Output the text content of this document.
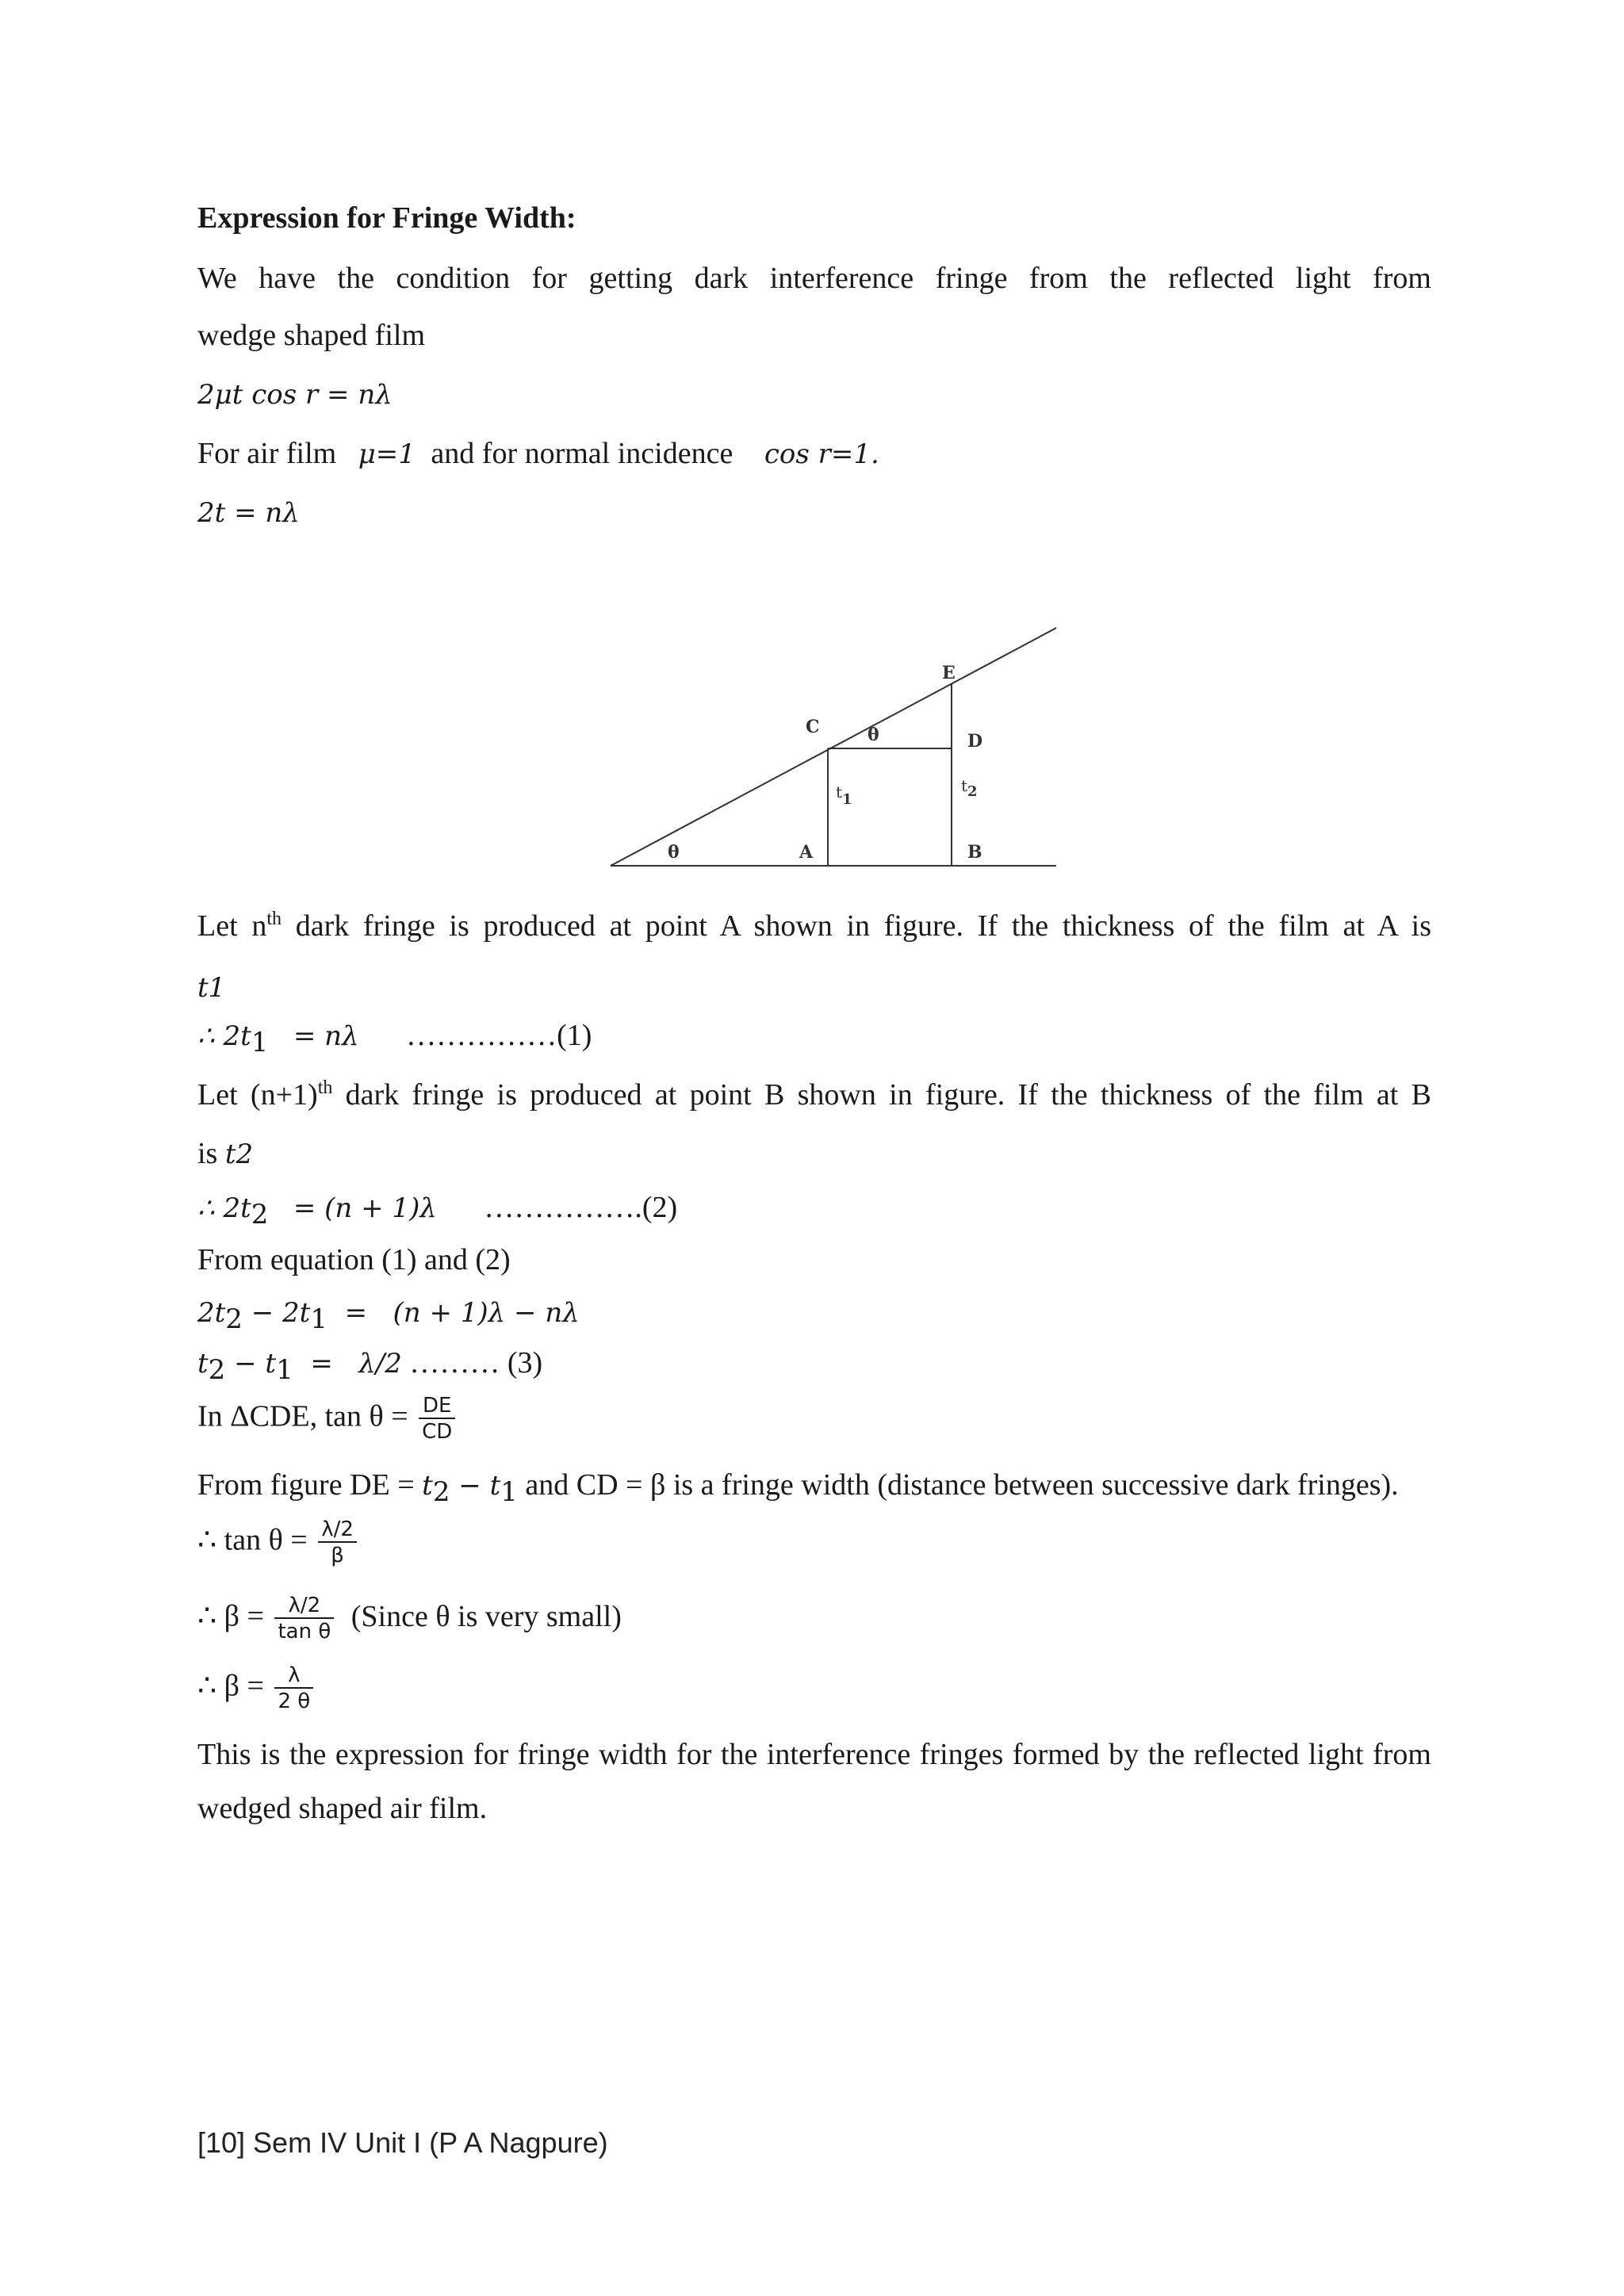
Expression for Fringe Width:
We have the condition for getting dark interference fringe from the reflected light from
wedge shaped film
2μt cos r = nλ
For air film μ=1 and for normal incidence cos r=1.
2t = nλ
E
C
D
A	B
θ
θ
t1
t2
Let $n^{th}$ dark fringe is produced at point A shown in figure. If the thickness of the film at A is
t1
∴ $2t_1 = n\lambda$ ……………(1)
Let $(n+1)^{th}$ dark fringe is produced at point B shown in figure. If the thickness of the film at B
is t2
∴ $2t_2 = (n + 1)\lambda$ …………….(2)
From equation (1) and (2)
$2t_2 - 2t_1 = (n + 1)\lambda - n\lambda$
$t_2 - t_1 = \lambda/2$ ……… (3)
In ΔCDE, $\tan \theta = \frac{DE}{CD}$
From figure DE = $t_2 - t_1$ and CD = β is a fringe width (distance between successive dark fringes).
∴ $\tan \theta = \frac{\lambda/2}{\beta}$
∴ $\beta = \frac{\lambda/2}{\text{tan θ}}$ (Since θ is very small)
∴ $\beta = \frac{\lambda}{2 \theta}$
This is the expression for fringe width for the interference fringes formed by the reflected light from
wedged shaped air film.
[10] Sem IV Unit I (P A Nagpure)
